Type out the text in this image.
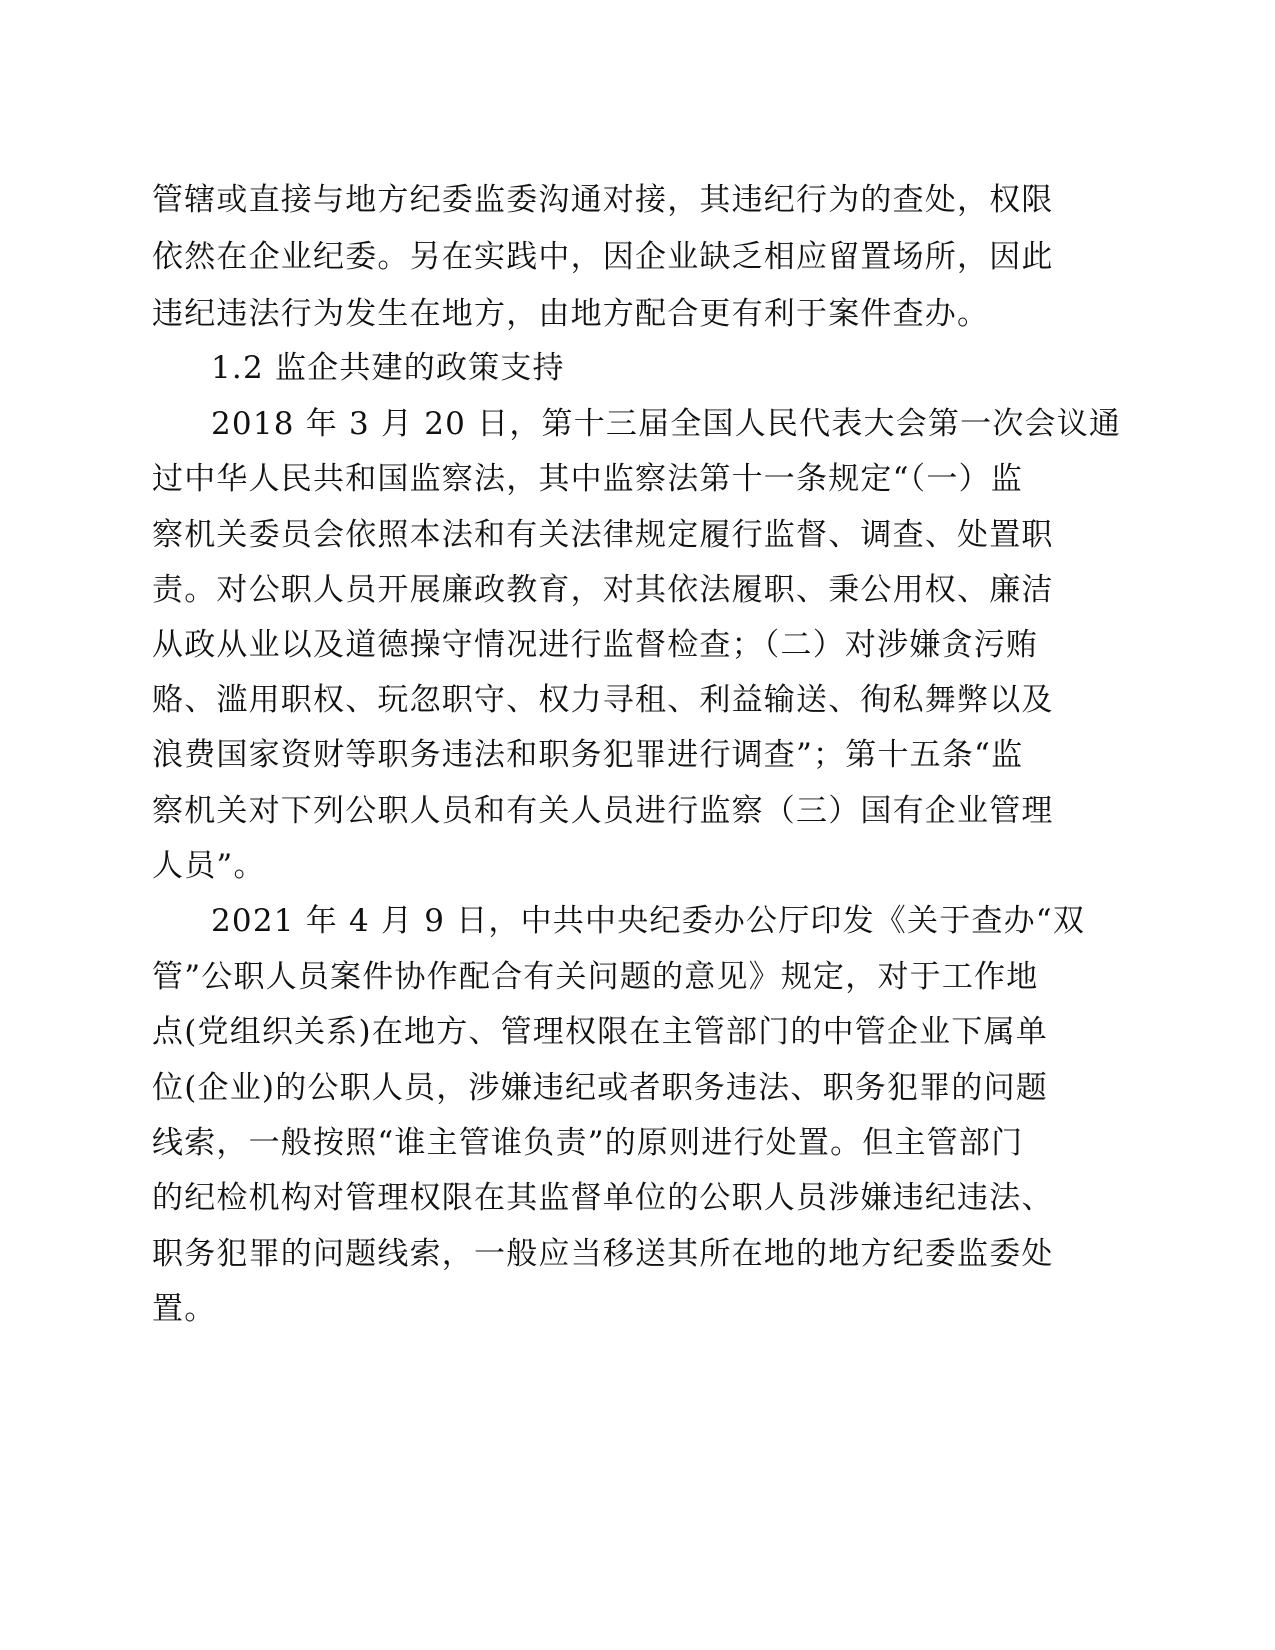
管辖或直接与地方纪委监委沟通对接，其违纪行为的查处，权限
依然在企业纪委。另在实践中，因企业缺乏相应留置场所，因此
违纪违法行为发生在地方，由地方配合更有利于案件查办。
1.2 监企共建的政策支持
2018 年 3 月 20 日，第十三届全国人民代表大会第一次会议通
过中华人民共和国监察法，其中监察法第十一条规定“（一）监
察机关委员会依照本法和有关法律规定履行监督、调查、处置职
责。对公职人员开展廉政教育，对其依法履职、秉公用权、廉洁
从政从业以及道德操守情况进行监督检查；（二）对涉嫌贪污贿
赂、滥用职权、玩忽职守、权力寻租、利益输送、徇私舞弊以及
浪费国家资财等职务违法和职务犯罪进行调查”；第十五条“监
察机关对下列公职人员和有关人员进行监察（三）国有企业管理
人员”。
2021 年 4 月 9 日，中共中央纪委办公厅印发《关于查办“双
管”公职人员案件协作配合有关问题的意见》规定，对于工作地
点(党组织关系)在地方、管理权限在主管部门的中管企业下属单
位(企业)的公职人员，涉嫌违纪或者职务违法、职务犯罪的问题
线索，一般按照“谁主管谁负责”的原则进行处置。但主管部门
的纪检机构对管理权限在其监督单位的公职人员涉嫌违纪违法、
职务犯罪的问题线索，一般应当移送其所在地的地方纪委监委处
置。
